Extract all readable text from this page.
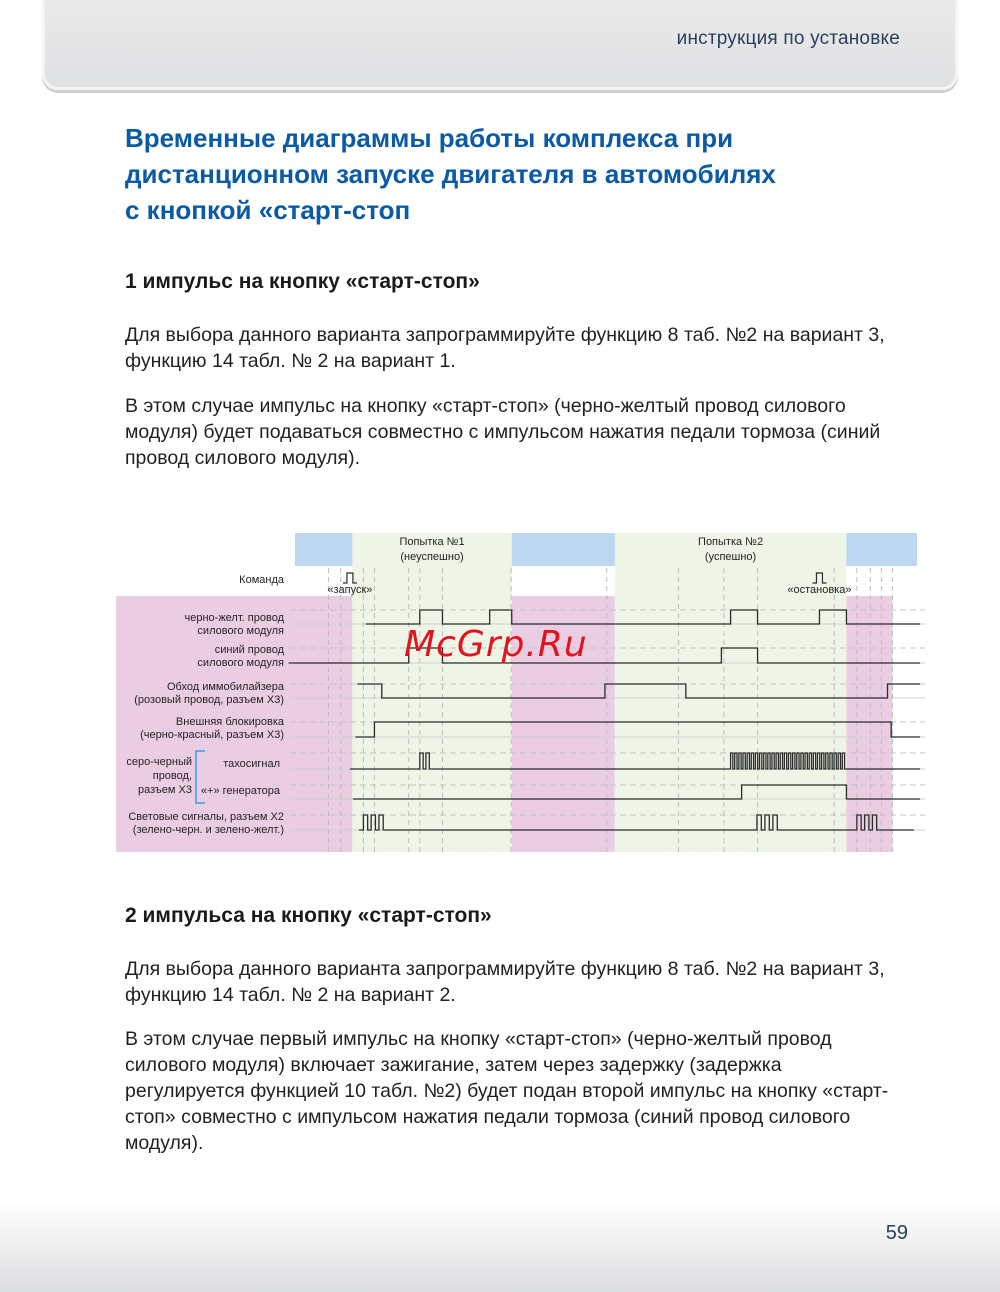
инструкция по установке
Временные диаграммы работы комплекса при
дистанционном запуске двигателя в автомобилях
с кнопкой «старт-стоп
1 импульс на кнопку «старт-стоп»

Для выбора данного варианта запрограммируйте функцию 8 таб. №2 на вариант 3, функцию 14 табл. № 2 на вариант 1.

В этом случае импульс на кнопку «старт-стоп» (черно-желтый провод силового модуля) будет подаваться совместно с импульсом нажатия педали тормоза (синий провод силового модуля).

Попытка №1
(неуспешно)
Попытка №2
(успешно)
Команда
«запуск»	«остановка»
черно-желт. провод
силового модуля
синий провод
силового модуля
Обход иммобилайзера
(розовый провод, разъем Х3)
Внешняя блокировка
(черно-красный, разъем Х3)
тахосигнал
«+» генератора
Световые сигналы, разъем Х2
(зелено-черн. и зелено-желт.)
серо-черный
провод,
разъем Х3
McGrp.Ru
2 импульса на кнопку «старт-стоп»

Для выбора данного варианта запрограммируйте функцию 8 таб. №2 на вариант 3, функцию 14 табл. № 2 на вариант 2.

В этом случае первый импульс на кнопку «старт-стоп» (черно-желтый провод силового модуля) включает зажигание, затем через задержку (задержка регулируется функцией 10 табл. №2) будет подан второй импульс на кнопку «старт-стоп» совместно с импульсом нажатия педали тормоза (синий провод силового модуля).

59
